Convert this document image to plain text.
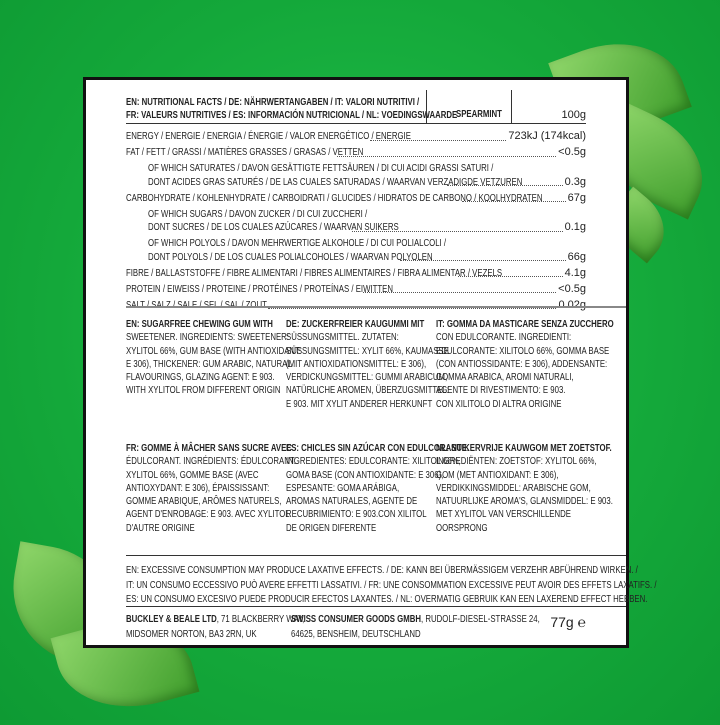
EN: NUTRITIONAL FACTS / DE: NÄHRWERTANGABEN / IT: VALORI NUTRITIVI /
FR: VALEURS NUTRITIVES / ES: INFORMACIÓN NUTRICIONAL / NL: VOEDINGSWAARDE
SPEARMINT	100g
ENERGY / ENERGIE / ENERGIA / ÉNERGIE / VALOR ENERGÉTICO / ENERGIE	723kJ (174kcal)
FAT / FETT / GRASSI / MATIÈRES GRASSES / GRASAS / VETTEN	<0.5g
OF WHICH SATURATES / DAVON GESÄTTIGTE FETTSÄUREN / DI CUI ACIDI GRASSI SATURI /
DONT ACIDES GRAS SATURÉS / DE LAS CUALES SATURADAS / WAARVAN VERZADIGDE VETZUREN	0.3g
CARBOHYDRATE / KOHLENHYDRATE / CARBOIDRATI / GLUCIDES / HIDRATOS DE CARBONO / KOOLHYDRATEN 67g
OF WHICH SUGARS / DAVON ZUCKER / DI CUI ZUCCHERI /
DONT SUCRES / DE LOS CUALES AZÚCARES / WAARVAN SUIKERS	0.1g
OF WHICH POLYOLS / DAVON MEHRWERTIGE ALKOHOLE / DI CUI POLIALCOLI /
DONT POLYOLS / DE LOS CUALES POLIALCOHOLES / WAARVAN POLYOLEN	66g
FIBRE / BALLASTSTOFFE / FIBRE ALIMENTARI / FIBRES ALIMENTAIRES / FIBRA ALIMENTAR / VEZELS	4.1g
PROTEIN / EIWEISS / PROTEINE / PROTÉINES / PROTEÍNAS / EIWITTEN	<0.5g
SALT / SALZ / SALE / SEL / SAL / ZOUT	0.02g
EN: SUGARFREE CHEWING GUM WITH
SWEETENER. INGREDIENTS: SWEETENER:
XYLITOL 66%, GUM BASE (WITH ANTIOXIDANT:
E 306), THICKENER: GUM ARABIC, NATURAL
FLAVOURINGS, GLAZING AGENT: E 903.
WITH XYLITOL FROM DIFFERENT ORIGIN
DE: ZUCKERFREIER KAUGUMMI MIT
SÜSSUNGSMITTEL. ZUTATEN:
SÜSSUNGSMITTEL: XYLIT 66%, KAUMASSE
(MIT ANTIOXIDATIONSMITTEL: E 306),
VERDICKUNGSMITTEL: GUMMI ARABICUM,
NATÜRLICHE AROMEN, ÜBERZUGSMITTEL:
E 903. MIT XYLIT ANDERER HERKUNFT
IT: GOMMA DA MASTICARE SENZA ZUCCHERO
CON EDULCORANTE. INGREDIENTI:
EDULCORANTE: XILITOLO 66%, GOMMA BASE
(CON ANTIOSSIDANTE: E 306), ADDENSANTE:
GOMMA ARABICA, AROMI NATURALI,
AGENTE DI RIVESTIMENTO: E 903.
CON XILITOLO DI ALTRA ORIGINE
FR: GOMME À MÂCHER SANS SUCRE AVEC
ÉDULCORANT. INGRÉDIENTS: ÉDULCORANT:
XYLITOL 66%, GOMME BASE (AVEC
ANTIOXYDANT: E 306), ÉPAISSISSANT:
GOMME ARABIQUE, ARÔMES NATURELS,
AGENT D'ENROBAGE: E 903. AVEC XYLITOL
D'AUTRE ORIGINE
ES: CHICLES SIN AZÚCAR CON EDULCORANTE.
INGREDIENTES: EDULCORANTE: XILITOL 66%,
GOMA BASE (CON ANTIOXIDANTE: E 306),
ESPESANTE: GOMA ARÁBIGA,
AROMAS NATURALES, AGENTE DE
RECUBRIMIENTO: E 903.CON XILITOL
DE ORIGEN DIFERENTE
NL: SUIKERVRIJE KAUWGOM MET ZOETSTOF.
INGREDIËNTEN: ZOETSTOF: XYLITOL 66%,
GOM (MET ANTIOXIDANT: E 306),
VERDIKKINGSMIDDEL: ARABISCHE GOM,
NATUURLIJKE AROMA'S, GLANSMIDDEL: E 903.
MET XYLITOL VAN VERSCHILLENDE
OORSPRONG
EN: EXCESSIVE CONSUMPTION MAY PRODUCE LAXATIVE EFFECTS. / DE: KANN BEI ÜBERMÄSSIGEM VERZEHR ABFÜHREND WIRKEN. /
IT: UN CONSUMO ECCESSIVO PUÒ AVERE EFFETTI LASSATIVI. / FR: UNE CONSOMMATION EXCESSIVE PEUT AVOIR DES EFFETS LAXATIFS. /
ES: UN CONSUMO EXCESIVO PUEDE PRODUCIR EFECTOS LAXANTES. / NL: OVERMATIG GEBRUIK KAN EEN LAXEREND EFFECT HEBBEN.
BUCKLEY & BEALE LTD, 71 BLACKBERRY WAY,
MIDSOMER NORTON, BA3 2RN, UK
SWISS CONSUMER GOODS GMBH, RUDOLF-DIESEL-STRASSE 24,
64625, BENSHEIM, DEUTSCHLAND
77g ℮
